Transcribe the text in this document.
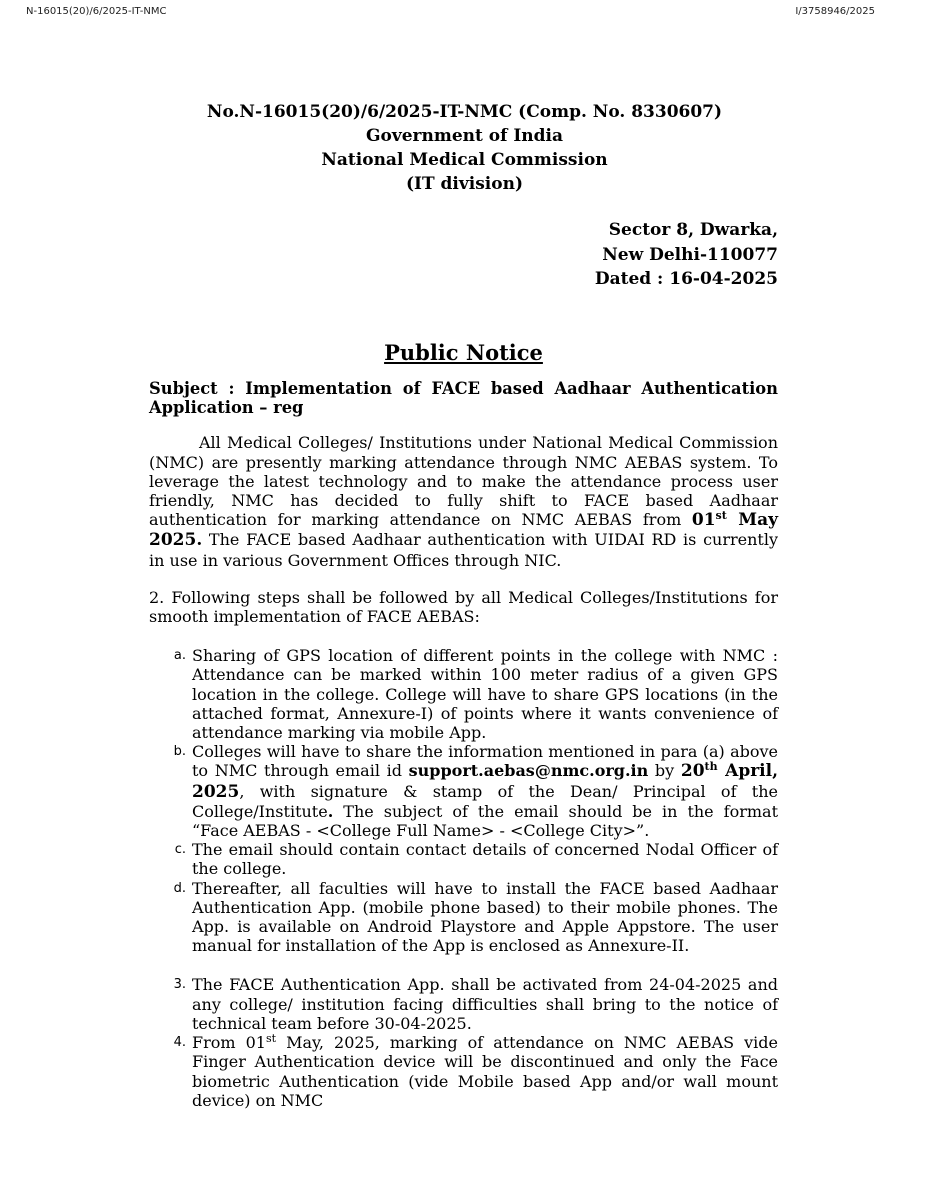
N-16015(20)/6/2025-IT-NMC	I/3758946/2025
No.N-16015(20)/6/2025-IT-NMC (Comp. No. 8330607)
Government of India
National Medical Commission
(IT division)
Sector 8, Dwarka,
New Delhi-110077
Dated : 16-04-2025
Public Notice

Subject : Implementation of FACE based Aadhaar Authentication Application – reg

All Medical Colleges/ Institutions under National Medical Commission (NMC) are presently marking attendance through NMC AEBAS system. To leverage the latest technology and to make the attendance process user friendly, NMC has decided to fully shift to FACE based Aadhaar authentication for marking attendance on NMC AEBAS from 01st May 2025. The FACE based Aadhaar authentication with UIDAI RD is currently in use in various Government Offices through NIC.

2. Following steps shall be followed by all Medical Colleges/Institutions for smooth implementation of FACE AEBAS:

a. Sharing of GPS location of different points in the college with NMC : Attendance can be marked within 100 meter radius of a given GPS location in the college. College will have to share GPS locations (in the attached format, Annexure-I) of points where it wants convenience of attendance marking via mobile App.
b. Colleges will have to share the information mentioned in para (a) above to NMC through email id support.aebas@nmc.org.in by 20th April, 2025, with signature & stamp of the Dean/ Principal of the College/Institute. The subject of the email should be in the format “Face AEBAS - <College Full Name> - <College City>”.
c. The email should contain contact details of concerned Nodal Officer of the college.
d. Thereafter, all faculties will have to install the FACE based Aadhaar Authentication App. (mobile phone based) to their mobile phones. The App. is available on Android Playstore and Apple Appstore. The user manual for installation of the App is enclosed as Annexure-II.
3. The FACE Authentication App. shall be activated from 24-04-2025 and any college/ institution facing difficulties shall bring to the notice of technical team before 30-04-2025.
4. From 01st May, 2025, marking of attendance on NMC AEBAS vide Finger Authentication device will be discontinued and only the Face biometric Authentication (vide Mobile based App and/or wall mount device) on NMC
